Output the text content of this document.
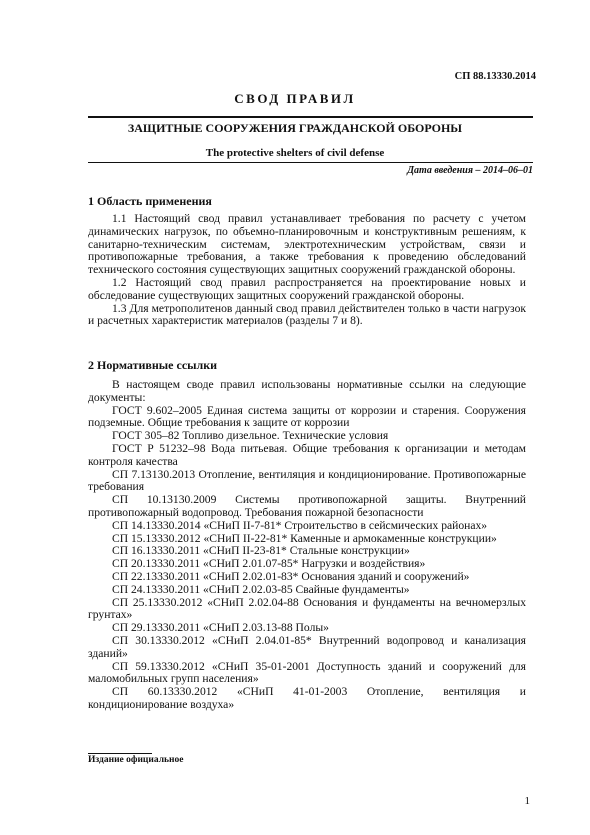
СП 88.13330.2014
СВОД ПРАВИЛ
ЗАЩИТНЫЕ СООРУЖЕНИЯ ГРАЖДАНСКОЙ ОБОРОНЫ
The protective shelters of civil defense
Дата введения – 2014–06–01
1 Область применения

1.1 Настоящий свод правил устанавливает требования по расчету с учетом динамических нагрузок, по объемно-планировочным и конструктивным решениям, к санитарно-техническим системам, электротехническим устройствам, связи и противопожарные требования, а также требования к проведению обследований технического состояния существующих защитных сооружений гражданской обороны.

1.2 Настоящий свод правил распространяется на проектирование новых и обследование существующих защитных сооружений гражданской обороны.

1.3 Для метрополитенов данный свод правил действителен только в части нагрузок и расчетных характеристик материалов (разделы 7 и 8).

2 Нормативные ссылки

В настоящем своде правил использованы нормативные ссылки на следующие документы:

ГОСТ 9.602–2005 Единая система защиты от коррозии и старения. Сооружения подземные. Общие требования к защите от коррозии

ГОСТ 305–82 Топливо дизельное. Технические условия

ГОСТ Р 51232–98 Вода питьевая. Общие требования к организации и методам контроля качества

СП 7.13130.2013 Отопление, вентиляция и кондиционирование. Противопожарные требования

СП 10.13130.2009 Системы противопожарной защиты. Внутренний противопожарный водопровод. Требования пожарной безопасности

СП 14.13330.2014 «СНиП II-7-81* Строительство в сейсмических районах»

СП 15.13330.2012 «СНиП II-22-81* Каменные и армокаменные конструкции»

СП 16.13330.2011 «СНиП II-23-81* Стальные конструкции»

СП 20.13330.2011 «СНиП 2.01.07-85* Нагрузки и воздействия»

СП 22.13330.2011 «СНиП 2.02.01-83* Основания зданий и сооружений»

СП 24.13330.2011 «СНиП 2.02.03-85 Свайные фундаменты»

СП 25.13330.2012 «СНиП 2.02.04-88 Основания и фундаменты на вечномерзлых грунтах»

СП 29.13330.2011 «СНиП 2.03.13-88 Полы»

СП 30.13330.2012 «СНиП 2.04.01-85* Внутренний водопровод и канализация зданий»

СП 59.13330.2012 «СНиП 35-01-2001 Доступность зданий и сооружений для маломобильных групп населения»

СП 60.13330.2012 «СНиП 41-01-2003 Отопление, вентиляция и кондиционирование воздуха»

Издание официальное
1
